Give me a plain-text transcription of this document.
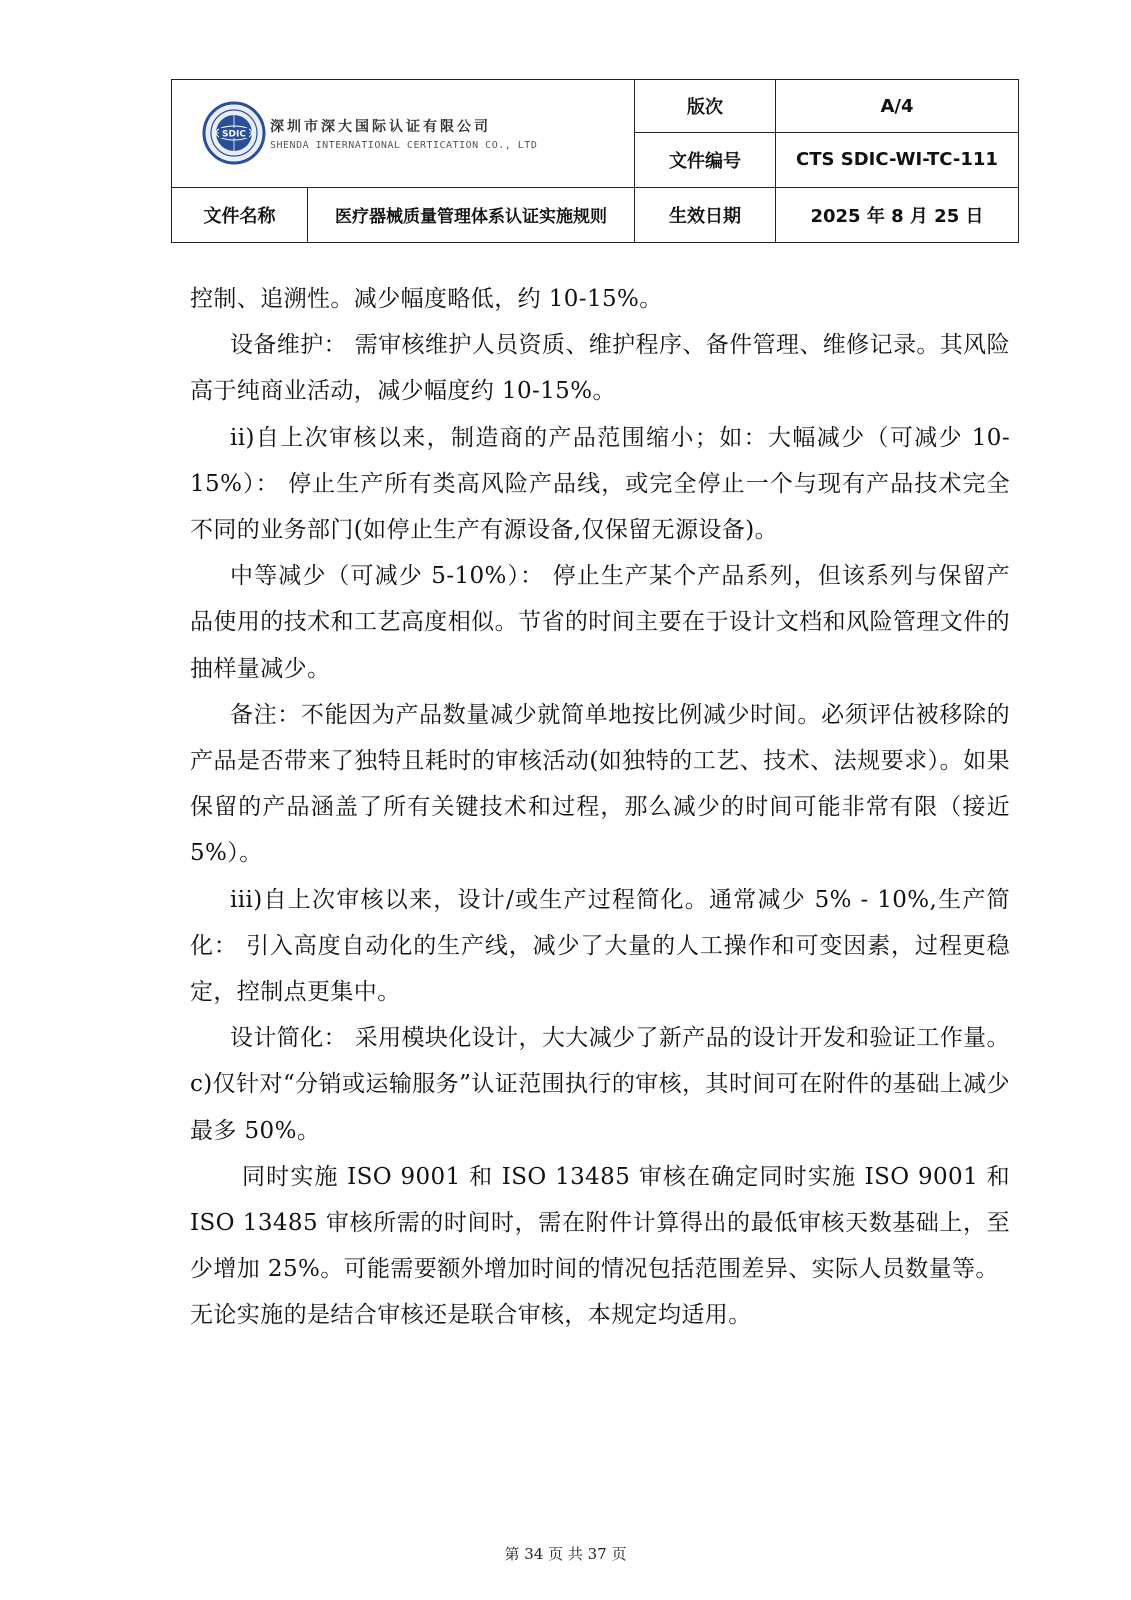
SDIC 深圳市深大国际认证有限公司
SHENDA INTERNATIONAL CERTICATION CO., LTD		版次	A/4
		文件编号	CTS SDIC-WI-TC-111
文件名称	医疗器械质量管理体系认证实施规则	生效日期	2025 年 8 月 25 日

控制、追溯性。减少幅度略低，约 10-15%。

设备维护： 需审核维护人员资质、维护程序、备件管理、维修记录。其风险高于纯商业活动，减少幅度约 10-15%。

ii)自上次审核以来，制造商的产品范围缩小；如：大幅减少（可减少 10-15%）： 停止生产所有类高风险产品线，或完全停止一个与现有产品技术完全不同的业务部门(如停止生产有源设备,仅保留无源设备)。

中等减少（可减少 5-10%）： 停止生产某个产品系列，但该系列与保留产品使用的技术和工艺高度相似。节省的时间主要在于设计文档和风险管理文件的抽样量减少。

备注：不能因为产品数量减少就简单地按比例减少时间。必须评估被移除的产品是否带来了独特且耗时的审核活动(如独特的工艺、技术、法规要求）。如果保留的产品涵盖了所有关键技术和过程，那么减少的时间可能非常有限（接近 5%）。

iii)自上次审核以来，设计/或生产过程简化。通常减少 5% - 10%,生产简化： 引入高度自动化的生产线，减少了大量的人工操作和可变因素，过程更稳定，控制点更集中。

设计简化： 采用模块化设计，大大减少了新产品的设计开发和验证工作量。

c)仅针对“分销或运输服务”认证范围执行的审核，其时间可在附件的基础上减少最多 50%。

同时实施 ISO 9001 和 ISO 13485 审核在确定同时实施 ISO 9001 和 ISO 13485 审核所需的时间时，需在附件计算得出的最低审核天数基础上，至少增加 25%。可能需要额外增加时间的情况包括范围差异、实际人员数量等。

无论实施的是结合审核还是联合审核，本规定均适用。

第 34 页 共 37 页
